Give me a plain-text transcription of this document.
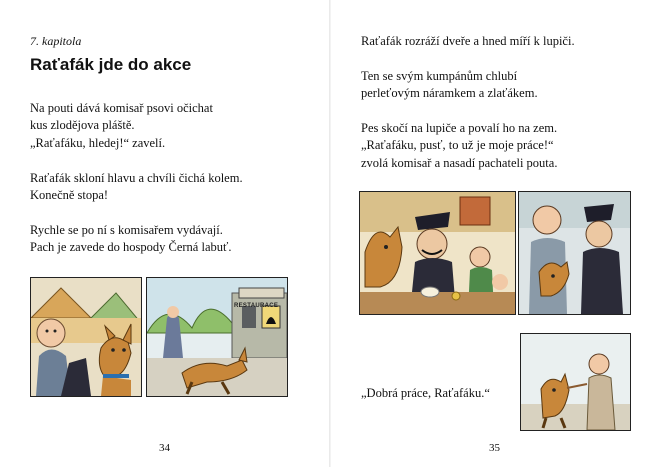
7. kapitola
Raťafák jde do akce

Na pouti dává komisař psovi očichat
kus zlodějova pláště.
„Raťafáku, hledej!“ zavelí.

Raťafák skloní hlavu a chvíli čichá kolem.
Konečně stopa!

Rychle se po ní s komisařem vydávají.
Pach je zavede do hospody Černá labuť.

RESTAURACE
34

Raťafák rozráží dveře a hned míří k lupiči.

Ten se svým kumpánům chlubí
perleťovým náramkem a zlaťákem.

Pes skočí na lupiče a povalí ho na zem.
„Raťafáku, pusť, to už je moje práce!“
zvolá komisař a nasadí pachateli pouta.

„Dobrá práce, Raťafáku.“
35
